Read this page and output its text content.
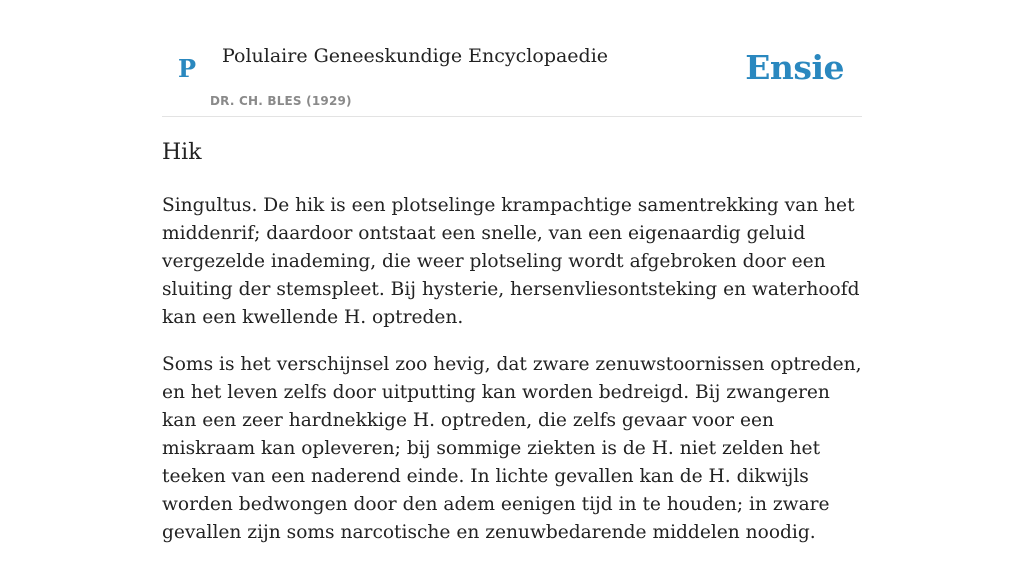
P Polulaire Geneeskundige Encyclopaedie
DR. CH. BLES (1929)
Ensie
Hik

Singultus. De hik is een plotselinge krampachtige samentrekking van het middenrif; daardoor ontstaat een snelle, van een eigenaardig geluid vergezelde inademing, die weer plotseling wordt afgebroken door een sluiting der stemspleet. Bij hysterie, hersenvliesontsteking en waterhoofd kan een kwellende H. optreden.

Soms is het verschijnsel zoo hevig, dat zware zenuwstoornissen optreden, en het leven zelfs door uitputting kan worden bedreigd. Bij zwangeren kan een zeer hardnekkige H. optreden, die zelfs gevaar voor een miskraam kan opleveren; bij sommige ziekten is de H. niet zelden het teeken van een naderend einde. In lichte gevallen kan de H. dikwijls worden bedwongen door den adem eenigen tijd in te houden; in zware gevallen zijn soms narcotische en zenuwbedarende middelen noodig.
